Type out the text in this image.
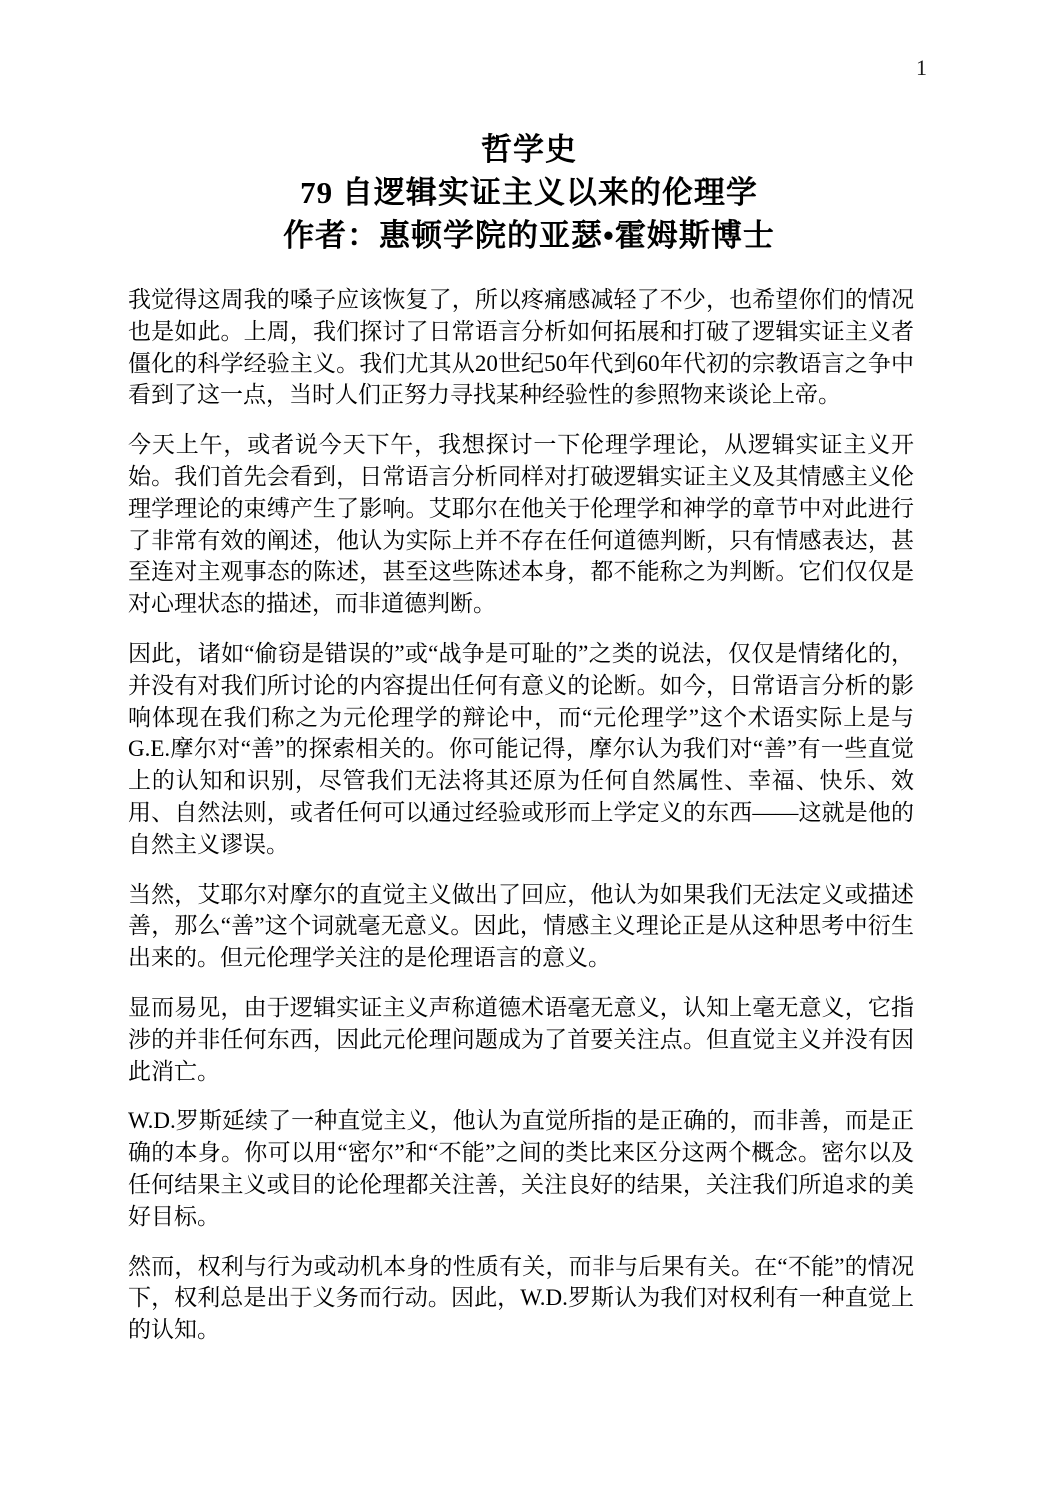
1
哲学史
79 自逻辑实证主义以来的伦理学
作者：惠顿学院的亚瑟•霍姆斯博士

我觉得这周我的嗓子应该恢复了，所以疼痛感减轻了不少，也希望你们的情况也是如此。上周，我们探讨了日常语言分析如何拓展和打破了逻辑实证主义者僵化的科学经验主义。我们尤其从20世纪50年代到60年代初的宗教语言之争中看到了这一点，当时人们正努力寻找某种经验性的参照物来谈论上帝。

今天上午，或者说今天下午，我想探讨一下伦理学理论，从逻辑实证主义开始。我们首先会看到，日常语言分析同样对打破逻辑实证主义及其情感主义伦理学理论的束缚产生了影响。艾耶尔在他关于伦理学和神学的章节中对此进行了非常有效的阐述，他认为实际上并不存在任何道德判断，只有情感表达，甚至连对主观事态的陈述，甚至这些陈述本身，都不能称之为判断。它们仅仅是对心理状态的描述，而非道德判断。

因此，诸如“偷窃是错误的”或“战争是可耻的”之类的说法，仅仅是情绪化的，并没有对我们所讨论的内容提出任何有意义的论断。如今，日常语言分析的影响体现在我们称之为元伦理学的辩论中，而“元伦理学”这个术语实际上是与G.E.摩尔对“善”的探索相关的。你可能记得，摩尔认为我们对“善”有一些直觉上的认知和识别，尽管我们无法将其还原为任何自然属性、幸福、快乐、效用、自然法则，或者任何可以通过经验或形而上学定义的东西——这就是他的自然主义谬误。

当然，艾耶尔对摩尔的直觉主义做出了回应，他认为如果我们无法定义或描述善，那么“善”这个词就毫无意义。因此，情感主义理论正是从这种思考中衍生出来的。但元伦理学关注的是伦理语言的意义。

显而易见，由于逻辑实证主义声称道德术语毫无意义，认知上毫无意义，它指涉的并非任何东西，因此元伦理问题成为了首要关注点。但直觉主义并没有因此消亡。

W.D.罗斯延续了一种直觉主义，他认为直觉所指的是正确的，而非善，而是正确的本身。你可以用“密尔”和“不能”之间的类比来区分这两个概念。密尔以及任何结果主义或目的论伦理都关注善，关注良好的结果，关注我们所追求的美好目标。

然而，权利与行为或动机本身的性质有关，而非与后果有关。在“不能”的情况下，权利总是出于义务而行动。因此，W.D.罗斯认为我们对权利有一种直觉上的认知。
